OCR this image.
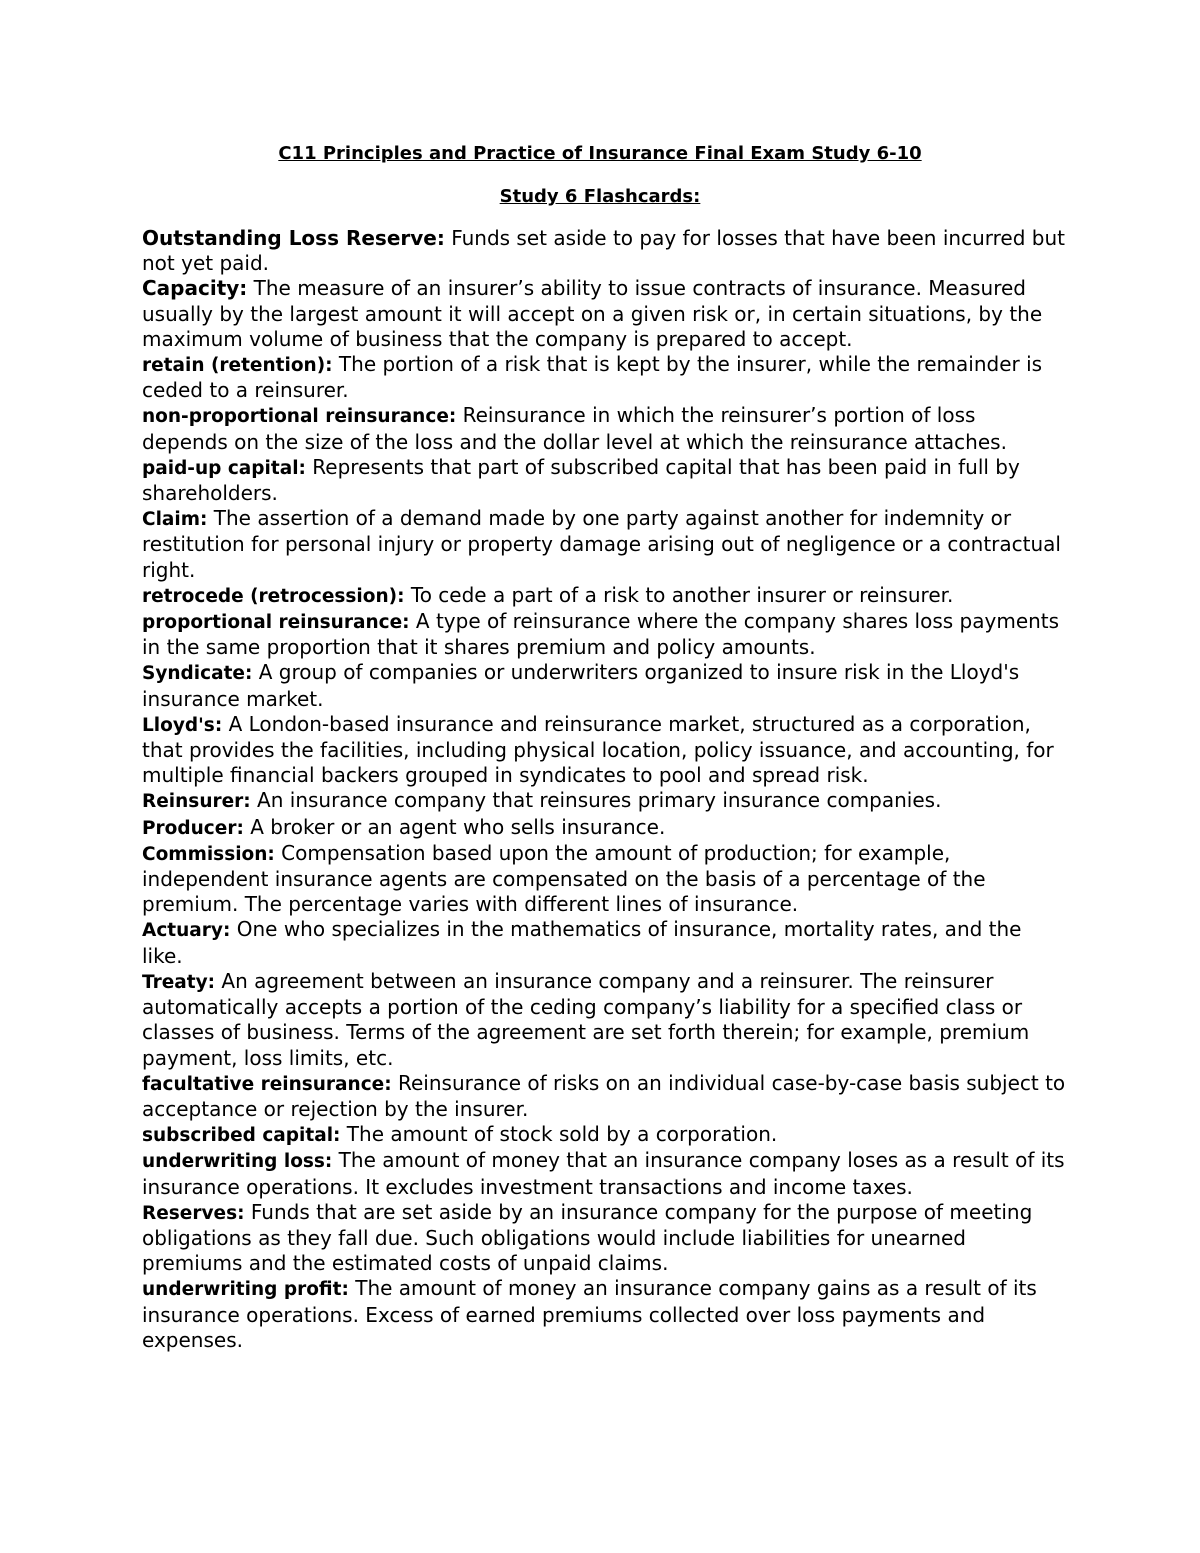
C11 Principles and Practice of Insurance Final Exam Study 6-10
Study 6 Flashcards:

Outstanding Loss Reserve: Funds set aside to pay for losses that have been incurred but not yet paid.

Capacity: The measure of an insurer’s ability to issue contracts of insurance. Measured usually by the largest amount it will accept on a given risk or, in certain situations, by the maximum volume of business that the company is prepared to accept.

retain (retention): The portion of a risk that is kept by the insurer, while the remainder is ceded to a reinsurer.

non-proportional reinsurance: Reinsurance in which the reinsurer’s portion of loss depends on the size of the loss and the dollar level at which the reinsurance attaches.

paid-up capital: Represents that part of subscribed capital that has been paid in full by shareholders.

Claim: The assertion of a demand made by one party against another for indemnity or restitution for personal injury or property damage arising out of negligence or a contractual right.

retrocede (retrocession): To cede a part of a risk to another insurer or reinsurer.

proportional reinsurance: A type of reinsurance where the company shares loss payments in the same proportion that it shares premium and policy amounts.

Syndicate: A group of companies or underwriters organized to insure risk in the Lloyd's insurance market.

Lloyd's: A London-based insurance and reinsurance market, structured as a corporation, that provides the facilities, including physical location, policy issuance, and accounting, for multiple financial backers grouped in syndicates to pool and spread risk.

Reinsurer: An insurance company that reinsures primary insurance companies.

Producer: A broker or an agent who sells insurance.

Commission: Compensation based upon the amount of production; for example, independent insurance agents are compensated on the basis of a percentage of the premium. The percentage varies with different lines of insurance.

Actuary: One who specializes in the mathematics of insurance, mortality rates, and the like.

Treaty: An agreement between an insurance company and a reinsurer. The reinsurer automatically accepts a portion of the ceding company’s liability for a specified class or classes of business. Terms of the agreement are set forth therein; for example, premium payment, loss limits, etc.

facultative reinsurance: Reinsurance of risks on an individual case-by-case basis subject to acceptance or rejection by the insurer.

subscribed capital: The amount of stock sold by a corporation.

underwriting loss: The amount of money that an insurance company loses as a result of its insurance operations. It excludes investment transactions and income taxes.

Reserves: Funds that are set aside by an insurance company for the purpose of meeting obligations as they fall due. Such obligations would include liabilities for unearned premiums and the estimated costs of unpaid claims.

underwriting profit: The amount of money an insurance company gains as a result of its insurance operations. Excess of earned premiums collected over loss payments and expenses.
